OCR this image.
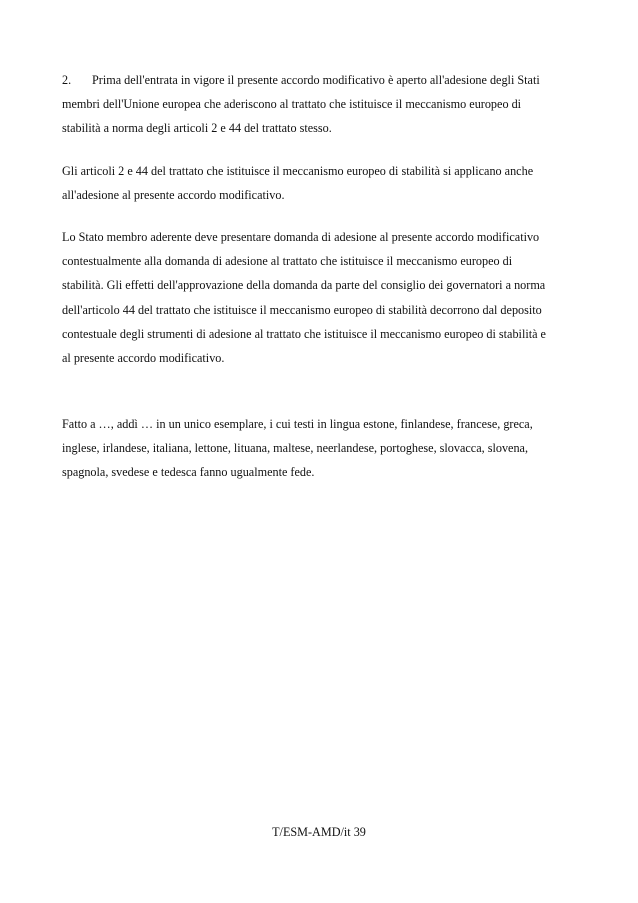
2. Prima dell'entrata in vigore il presente accordo modificativo è aperto all'adesione degli Stati
membri dell'Unione europea che aderiscono al trattato che istituisce il meccanismo europeo di
stabilità a norma degli articoli 2 e 44 del trattato stesso.
Gli articoli 2 e 44 del trattato che istituisce il meccanismo europeo di stabilità si applicano anche
all'adesione al presente accordo modificativo.
Lo Stato membro aderente deve presentare domanda di adesione al presente accordo modificativo
contestualmente alla domanda di adesione al trattato che istituisce il meccanismo europeo di
stabilità. Gli effetti dell'approvazione della domanda da parte del consiglio dei governatori a norma
dell'articolo 44 del trattato che istituisce il meccanismo europeo di stabilità decorrono dal deposito
contestuale degli strumenti di adesione al trattato che istituisce il meccanismo europeo di stabilità e
al presente accordo modificativo.
Fatto a …, addì … in un unico esemplare, i cui testi in lingua estone, finlandese, francese, greca,
inglese, irlandese, italiana, lettone, lituana, maltese, neerlandese, portoghese, slovacca, slovena,
spagnola, svedese e tedesca fanno ugualmente fede.
T/ESM-AMD/it 39
